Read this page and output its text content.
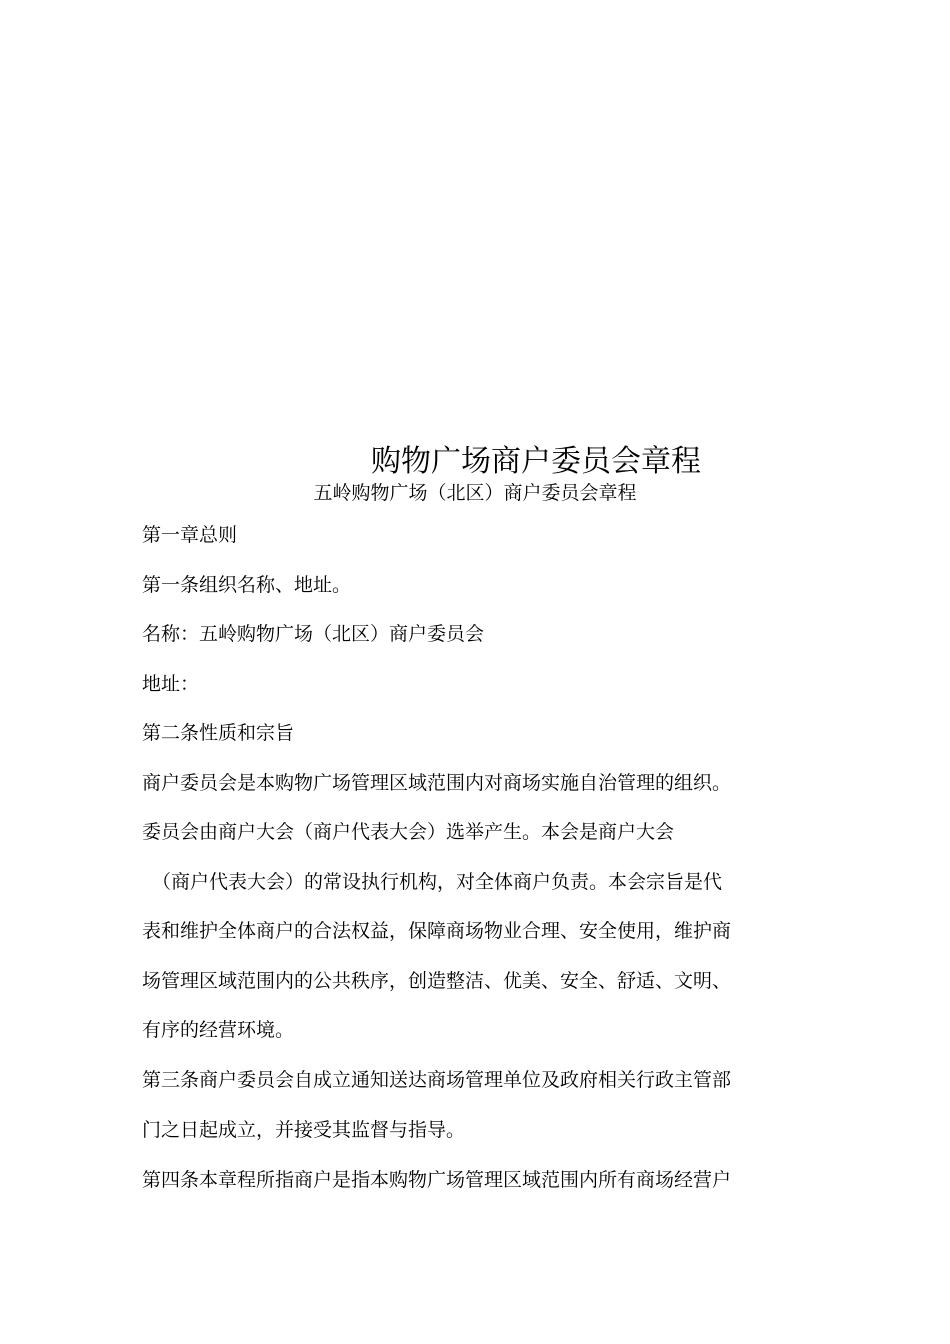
购物广场商户委员会章程
五岭购物广场（北区）商户委员会章程
第一章总则
第一条组织名称、地址。
名称：五岭购物广场（北区）商户委员会
地址：
第二条性质和宗旨
商户委员会是本购物广场管理区域范围内对商场实施自治管理的组织。
委员会由商户大会（商户代表大会）选举产生。本会是商户大会
（商户代表大会）的常设执行机构，对全体商户负责。本会宗旨是代
表和维护全体商户的合法权益，保障商场物业合理、安全使用，维护商
场管理区域范围内的公共秩序，创造整洁、优美、安全、舒适、文明、
有序的经营环境。
第三条商户委员会自成立通知送达商场管理单位及政府相关行政主管部
门之日起成立，并接受其监督与指导。
第四条本章程所指商户是指本购物广场管理区域范围内所有商场经营户
